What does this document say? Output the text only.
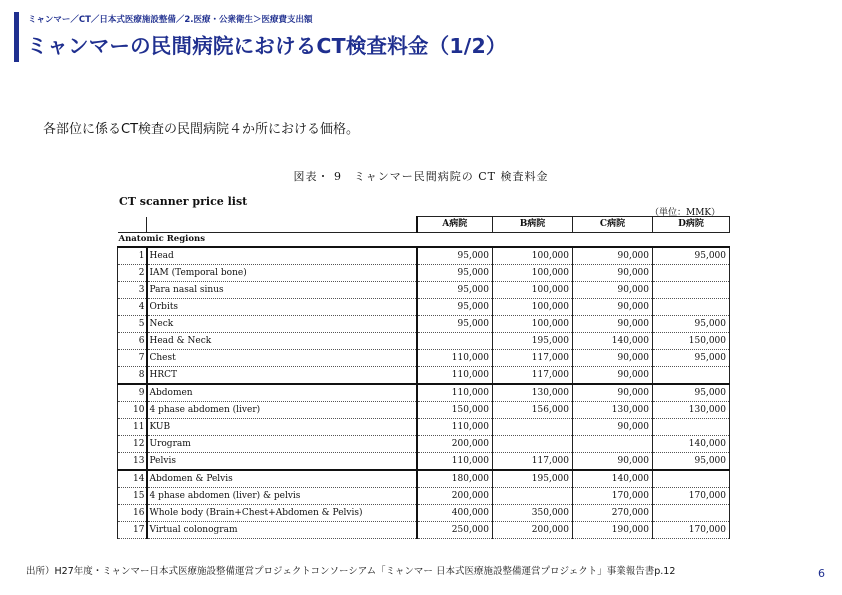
ミャンマー／CT／日本式医療施設整備／2.医療・公衆衛生＞医療費支出額
ミャンマーの民間病院におけるCT検査料金（1/2）
各部位に係るCT検査の民間病院４か所における価格。
図表・ 9　ミャンマー民間病院の CT 検査料金
CT scanner price list
（単位：MMK）
		A病院	B病院	C病院	D病院
Anatomic Regions					
1	Head	95,000	100,000	90,000	95,000
2	IAM (Temporal bone)	95,000	100,000	90,000	
3	Para nasal sinus	95,000	100,000	90,000	
4	Orbits	95,000	100,000	90,000	
5	Neck	95,000	100,000	90,000	95,000
6	Head & Neck		195,000	140,000	150,000
7	Chest	110,000	117,000	90,000	95,000
8	HRCT	110,000	117,000	90,000	
9	Abdomen	110,000	130,000	90,000	95,000
10	4 phase abdomen (liver)	150,000	156,000	130,000	130,000
11	KUB	110,000		90,000	
12	Urogram	200,000			140,000
13	Pelvis	110,000	117,000	90,000	95,000
14	Abdomen & Pelvis	180,000	195,000	140,000	
15	4 phase abdomen (liver) & pelvis	200,000		170,000	170,000
16	Whole body (Brain+Chest+Abdomen & Pelvis)	400,000	350,000	270,000	
17	Virtual colonogram	250,000	200,000	190,000	170,000
出所）H27年度・ミャンマー日本式医療施設整備運営プロジェクトコンソーシアム「ミャンマー 日本式医療施設整備運営プロジェクト」事業報告書p.12	6
